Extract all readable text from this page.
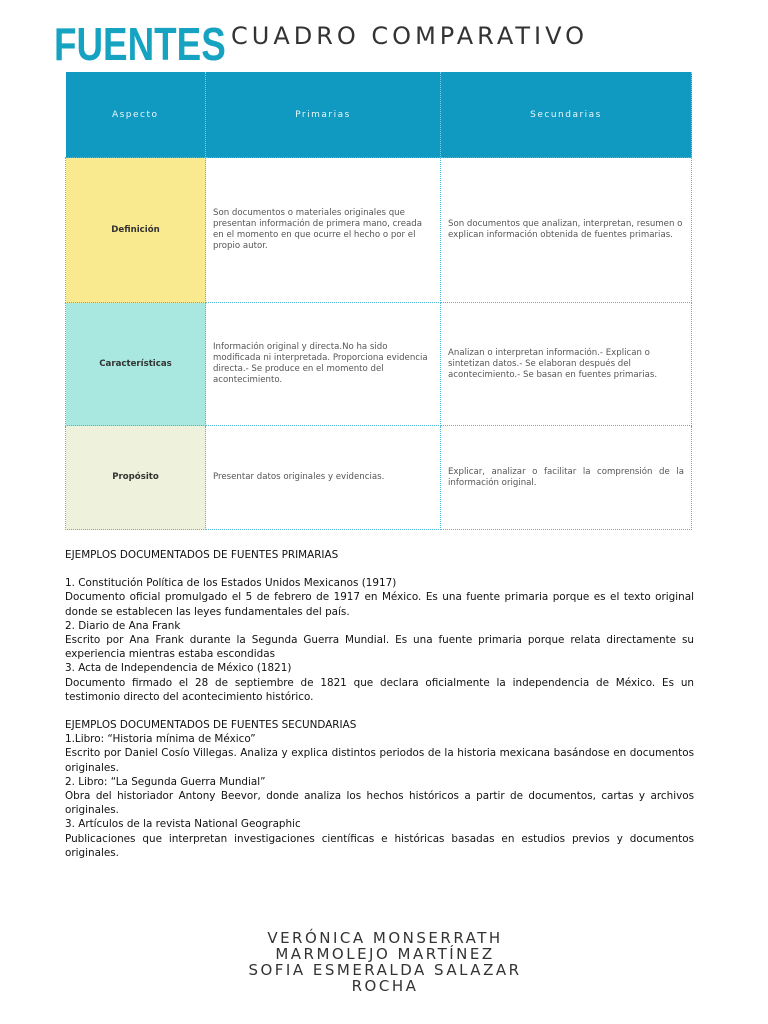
FUENTES CUADRO COMPARATIVO
Aspecto	Primarias	Secundarias
Definición	Son documentos o materiales originales que presentan información de primera mano, creada en el momento en que ocurre el hecho o por el propio autor.	Son documentos que analizan, interpretan, resumen o explican información obtenida de fuentes primarias.
Características	Información original y directa.No ha sido modificada ni interpretada. Proporciona evidencia directa.- Se produce en el momento del acontecimiento.	Analizan o interpretan información.- Explican o sintetizan datos.- Se elaboran después del acontecimiento.- Se basan en fuentes primarias.
Propósito	Presentar datos originales y evidencias.	Explicar, analizar o facilitar la comprensión de la información original.

EJEMPLOS DOCUMENTADOS DE FUENTES PRIMARIAS

1. Constitución Política de los Estados Unidos Mexicanos (1917)

Documento oficial promulgado el 5 de febrero de 1917 en México. Es una fuente primaria porque es el texto original donde se establecen las leyes fundamentales del país.

2. Diario de Ana Frank

Escrito por Ana Frank durante la Segunda Guerra Mundial. Es una fuente primaria porque relata directamente su experiencia mientras estaba escondidas

3. Acta de Independencia de México (1821)

Documento firmado el 28 de septiembre de 1821 que declara oficialmente la independencia de México. Es un testimonio directo del acontecimiento histórico.

EJEMPLOS DOCUMENTADOS DE FUENTES SECUNDARIAS

1.Libro: “Historia mínima de México”

Escrito por Daniel Cosío Villegas. Analiza y explica distintos periodos de la historia mexicana basándose en documentos originales.

2. Libro: “La Segunda Guerra Mundial”

Obra del historiador Antony Beevor, donde analiza los hechos históricos a partir de documentos, cartas y archivos originales.

3. Artículos de la revista National Geographic

Publicaciones que interpretan investigaciones científicas e históricas basadas en estudios previos y documentos originales.

VERÓNICA MONSERRATH
MARMOLEJO MARTÍNEZ
SOFIA ESMERALDA SALAZAR
ROCHA
